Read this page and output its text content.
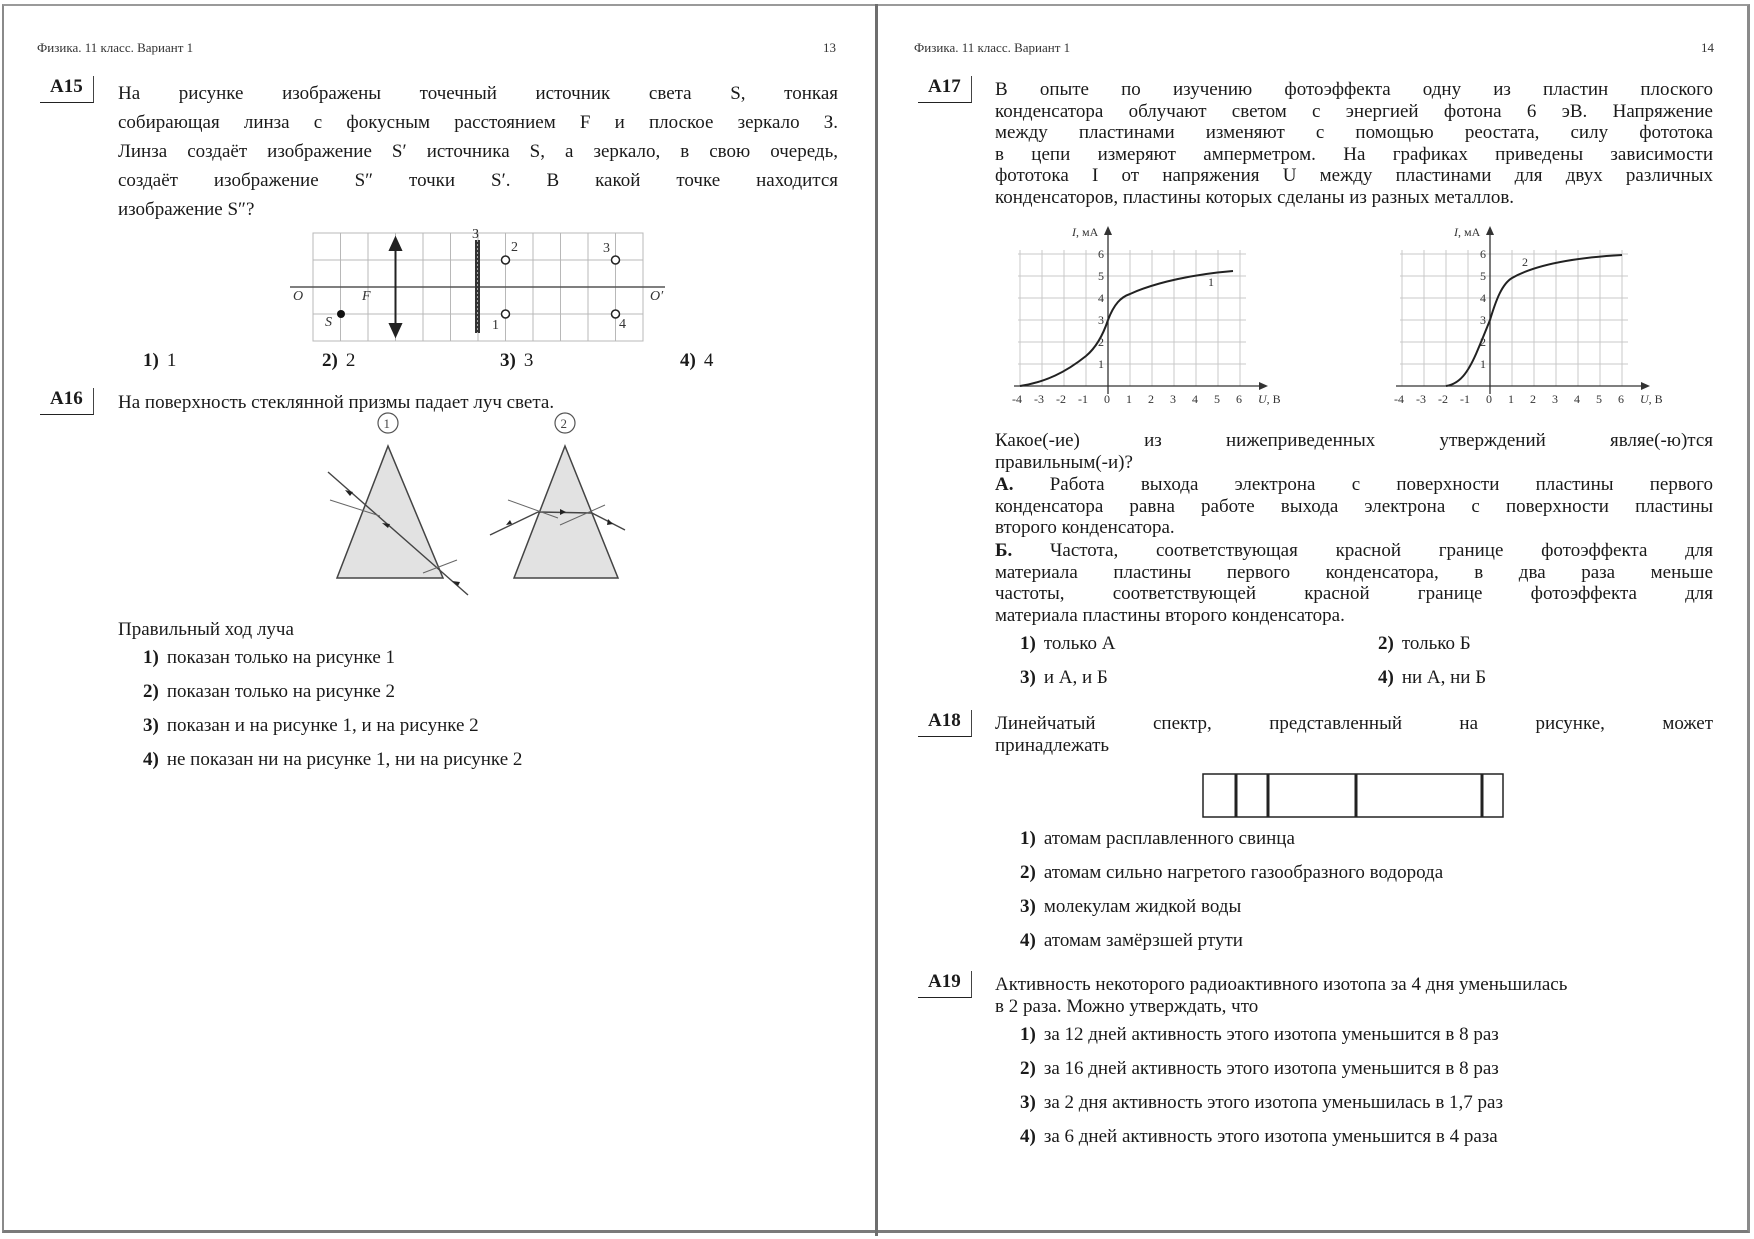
Физика. 11 класс. Вариант 1	13
A15	На рисунке изображены точечный источник света S, тонкая
собирающая линза с фокусным расстоянием F и плоское зеркало З.
Линза создаёт изображение S′ источника S, а зеркало, в свою очередь,
создаёт изображение S″ точки S′. В какой точке находится
изображение S″?
O	O′
F
S
З
1
2	3
4
1) 1	2) 2	3) 3	4) 4
A16	На поверхность стеклянной призмы падает луч света.
1	2
Правильный ход луча
1) показан только на рисунке 1
2) показан только на рисунке 2
3) показан и на рисунке 1, и на рисунке 2
4) не показан ни на рисунке 1, ни на рисунке 2
Физика. 11 класс. Вариант 1	14
A17	В опыте по изучению фотоэффекта одну из пластин плоского
конденсатора облучают светом с энергией фотона 6 эВ. Напряжение
между пластинами изменяют с помощью реостата, силу фототока
в цепи измеряют амперметром. На графиках приведены зависимости
фототока I от напряжения U между пластинами для двух различных
конденсаторов, пластины которых сделаны из разных металлов.
I, мА
6
5
4
3
2
1
1
-4 -3 -2 -1 0 1 2 3 4 5 6 U, В
I, мА
6
5
4
3
2
1
2
-4 -3 -2 -1 0 1 2 3 4 5 6 U, В
Какое(-ие) из нижеприведенных утверждений являе(-ю)тся
правильным(-и)?
А. Работа выхода электрона с поверхности пластины первого
конденсатора равна работе выхода электрона с поверхности пластины
второго конденсатора.
Б. Частота, соответствующая красной границе фотоэффекта для
материала пластины первого конденсатора, в два раза меньше
частоты, соответствующей красной границе фотоэффекта для
материала пластины второго конденсатора.
1) только А	2) только Б
3) и А, и Б	4) ни А, ни Б
A18	Линейчатый спектр, представленный на рисунке, может
принадлежать
1) атомам расплавленного свинца
2) атомам сильно нагретого газообразного водорода
3) молекулам жидкой воды
4) атомам замёрзшей ртути
A19	Активность некоторого радиоактивного изотопа за 4 дня уменьшилась
в 2 раза. Можно утверждать, что
1) за 12 дней активность этого изотопа уменьшится в 8 раз
2) за 16 дней активность этого изотопа уменьшится в 8 раз
3) за 2 дня активность этого изотопа уменьшилась в 1,7 раз
4) за 6 дней активность этого изотопа уменьшится в 4 раза
